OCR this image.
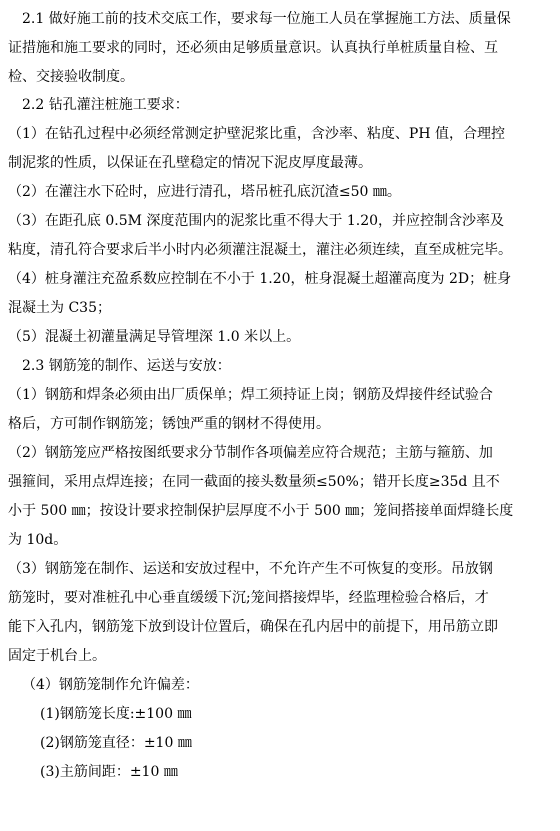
2.1 做好施工前的技术交底工作，要求每一位施工人员在掌握施工方法、质量保
证措施和施工要求的同时，还必须由足够质量意识。认真执行单桩质量自检、互
检、交接验收制度。
2.2 钻孔灌注桩施工要求：
（1）在钻孔过程中必须经常测定护壁泥浆比重，含沙率、粘度、PH 值，合理控
制泥浆的性质，以保证在孔壁稳定的情况下泥皮厚度最薄。
（2）在灌注水下砼时，应进行清孔，塔吊桩孔底沉渣≤50 ㎜。
（3）在距孔底 0.5M 深度范围内的泥浆比重不得大于 1.20，并应控制含沙率及
粘度，清孔符合要求后半小时内必须灌注混凝土，灌注必须连续，直至成桩完毕。
（4）桩身灌注充盈系数应控制在不小于 1.20，桩身混凝土超灌高度为 2D；桩身
混凝土为 C35；
（5）混凝土初灌量满足导管埋深 1.0 米以上。
2.3 钢筋笼的制作、运送与安放：
（1）钢筋和焊条必须由出厂质保单；焊工须持证上岗；钢筋及焊接件经试验合
格后，方可制作钢筋笼；锈蚀严重的钢材不得使用。
（2）钢筋笼应严格按图纸要求分节制作各项偏差应符合规范；主筋与箍筋、加
强箍间，采用点焊连接；在同一截面的接头数量须≤50%；错开长度≥35d 且不
小于 500 ㎜；按设计要求控制保护层厚度不小于 500 ㎜；笼间搭接单面焊缝长度
为 10d。
（3）钢筋笼在制作、运送和安放过程中，不允许产生不可恢复的变形。吊放钢
筋笼时，要对准桩孔中心垂直缓缓下沉;笼间搭接焊毕，经监理检验合格后，才
能下入孔内，钢筋笼下放到设计位置后，确保在孔内居中的前提下，用吊筋立即
固定于机台上。
（4）钢筋笼制作允许偏差：
(1)钢筋笼长度:±100 ㎜
(2)钢筋笼直径：±10 ㎜
(3)主筋间距：±10 ㎜
